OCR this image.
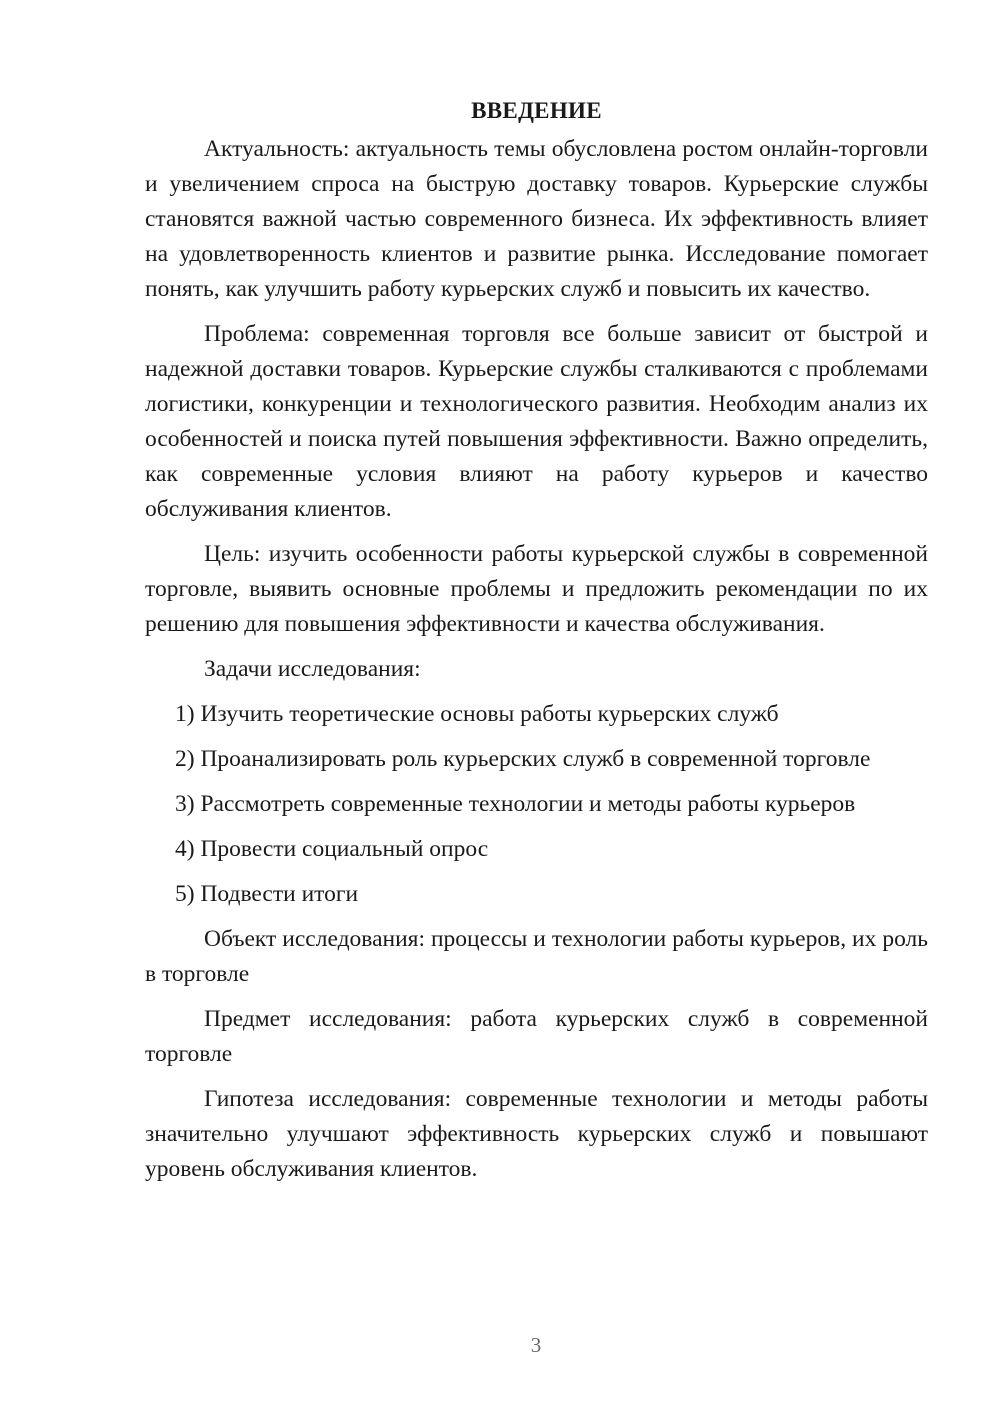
ВВЕДЕНИЕ

Актуальность: актуальность темы обусловлена ростом онлайн-торговли и увеличением спроса на быструю доставку товаров. Курьерские службы становятся важной частью современного бизнеса. Их эффективность влияет на удовлетворенность клиентов и развитие рынка. Исследование помогает понять, как улучшить работу курьерских служб и повысить их качество.

Проблема: современная торговля все больше зависит от быстрой и надежной доставки товаров. Курьерские службы сталкиваются с проблемами логистики, конкуренции и технологического развития. Необходим анализ их особенностей и поиска путей повышения эффективности. Важно определить, как современные условия влияют на работу курьеров и качество обслуживания клиентов.

Цель: изучить особенности работы курьерской службы в современной торговле, выявить основные проблемы и предложить рекомендации по их решению для повышения эффективности и качества обслуживания.

Задачи исследования:

1) Изучить теоретические основы работы курьерских служб

2) Проанализировать роль курьерских служб в современной торговле

3) Рассмотреть современные технологии и методы работы курьеров

4) Провести социальный опрос

5) Подвести итоги

Объект исследования: процессы и технологии работы курьеров, их роль в торговле

Предмет исследования: работа курьерских служб в современной торговле

Гипотеза исследования: современные технологии и методы работы значительно улучшают эффективность курьерских служб и повышают уровень обслуживания клиентов.

3
